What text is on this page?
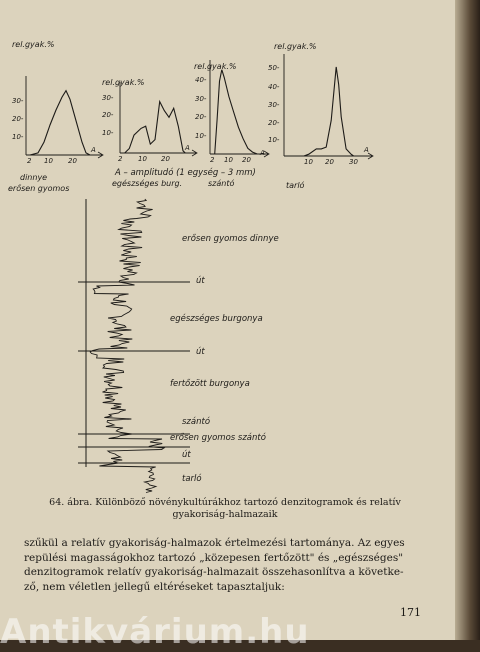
rel.gyak.%
30-
20-
10-
2 10 20
A
dinnye
erősen gyomos
rel.gyak.%
30-
20-
10-
2 10 20
A
egészséges burg.
rel.gyak.%
40-
30-
20-
10-
2 10 20
A
szántó
rel.gyak.%
50-
40-
30-
20-
10-
10 20 30
A
tarló
A – amplitudó (1 egység – 3 mm)
erősen gyomos dinnye
út
egészséges burgonya
út
fertőzött burgonya
szántó
erősen gyomos szántó
út
tarló
64. ábra. Különböző növénykultúrákhoz tartozó denzitogramok és relatív gyakoriság-halmazaik
szűkül a relatív gyakoriság-halmazok értelmezési tartománya. Az egyes
repülési magasságokhoz tartozó „közepesen fertőzött" és „egészséges"
denzitogramok relatív gyakoriság-halmazait összehasonlítva a követke-
ző, nem véletlen jellegű eltéréseket tapasztaljuk:
171
Antikvárium.hu
